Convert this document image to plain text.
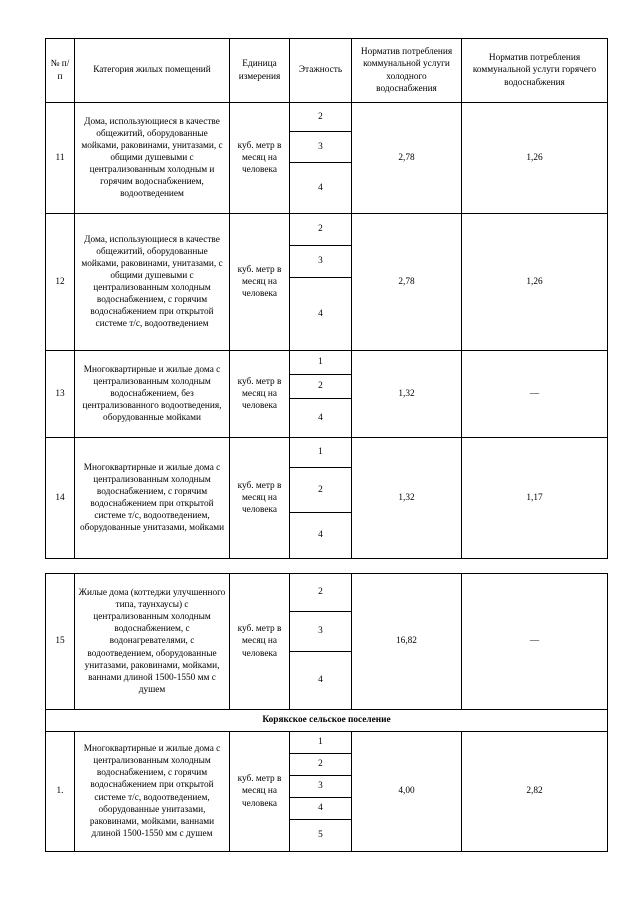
№ п/п	Категория жилых помещений	Единица измерения	Этажность	Норматив потребления коммунальной услуги холодного водоснабжения	Норматив потребления коммунальной услуги горячего водоснабжения
11	Дома, использующиеся в качестве общежитий, оборудованные мойками, раковинами, унитазами, с общими душевыми с централизованным холодным и горячим водоснабжением, водоотведением	куб. метр в месяц на человека	2	2,78	1,26
			3		
			4		
12	Дома, использующиеся в качестве общежитий, оборудованные мойками, раковинами, унитазами, с общими душевыми с централизованным холодным водоснабжением, с горячим водоснабжением при открытой системе т/с, водоотведением	куб. метр в месяц на человека	2	2,78	1,26
			3		
			4		
13	Многоквартирные и жилые дома с централизованным холодным водоснабжением, без централизованного водоотведения, оборудованные мойками	куб. метр в месяц на человека	1	1,32	—
			2		
			4		
14	Многоквартирные и жилые дома с централизованным холодным водоснабжением, с горячим водоснабжением при открытой системе т/с, водоотведением, оборудованные унитазами, мойками	куб. метр в месяц на человека	1	1,32	1,17
			2		
			4		
15	Жилые дома (коттеджи улучшенного типа, таунхаусы) с централизованным холодным водоснабжением, с водонагревателями, с водоотведением, оборудованные унитазами, раковинами, мойками, ваннами длиной 1500-1550 мм с душем	куб. метр в месяц на человека	2	16,82	—
			3		
			4		
Корякское сельское поселение					
1.	Многоквартирные и жилые дома с централизованным холодным водоснабжением, с горячим водоснабжением при открытой системе т/с, водоотведением, оборудованные унитазами, раковинами, мойками, ваннами длиной 1500-1550 мм с душем	куб. метр в месяц на человека	1	4,00	2,82
			2		
			3		
			4		
			5		
